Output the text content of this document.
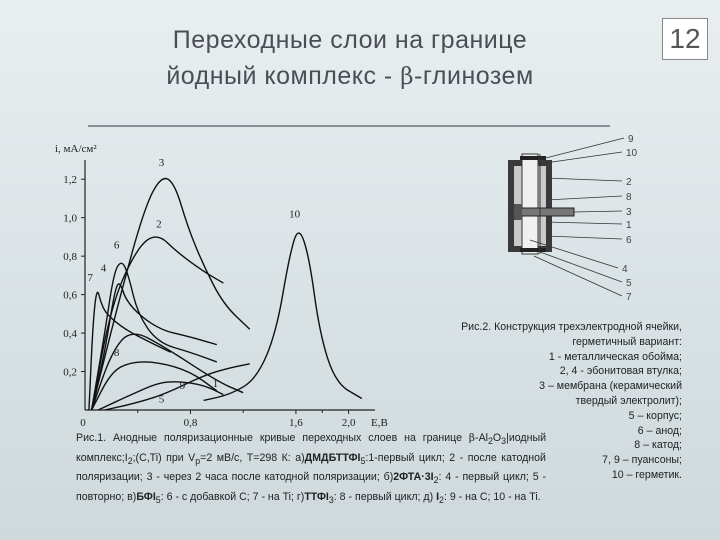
Переходные слои на границе
йодный комплекс - β-глинозем
12
0,2
0,4
0,6
0,8
1,0
1,2
0,8	1,6	2,0
0	E,B
i, мА/см²
3
2
6
4
7
10
8
9 1
5
Рис.1. Анодные поляризационные кривые переходных слоев на границе $\beta-Al_2O_3|иодный$ $комплекс;I_2;(C,Ti)$ при $V_p=2$ мВ/с, T=298 К: $а)ДМДБТТФI_5:1$-первый цикл; 2 - после катодной поляризации; 3 - через 2 часа после катодной поляризации; $б)2ФТА\cdot 3I_2$: 4 - первый цикл; 5 - повторно; $в)БФI_5$: 6 - с добавкой С; 7 - на Ti; $г)ТТФI_3$: 8 - первый цикл; д) $I_2$: 9 - на С; 10 - на Ti.
9
10
2
8
3
1
6
4
5
7
Рис.2. Конструкция трехэлектродной ячейки,
герметичный вариант:
1 - металлическая обойма;
2, 4 - эбонитовая втулка;
3 – мембрана (керамический
твердый электролит);
5 – корпус;
6 – анод;
8 – катод;
7, 9 – пуансоны;
10 – герметик.
